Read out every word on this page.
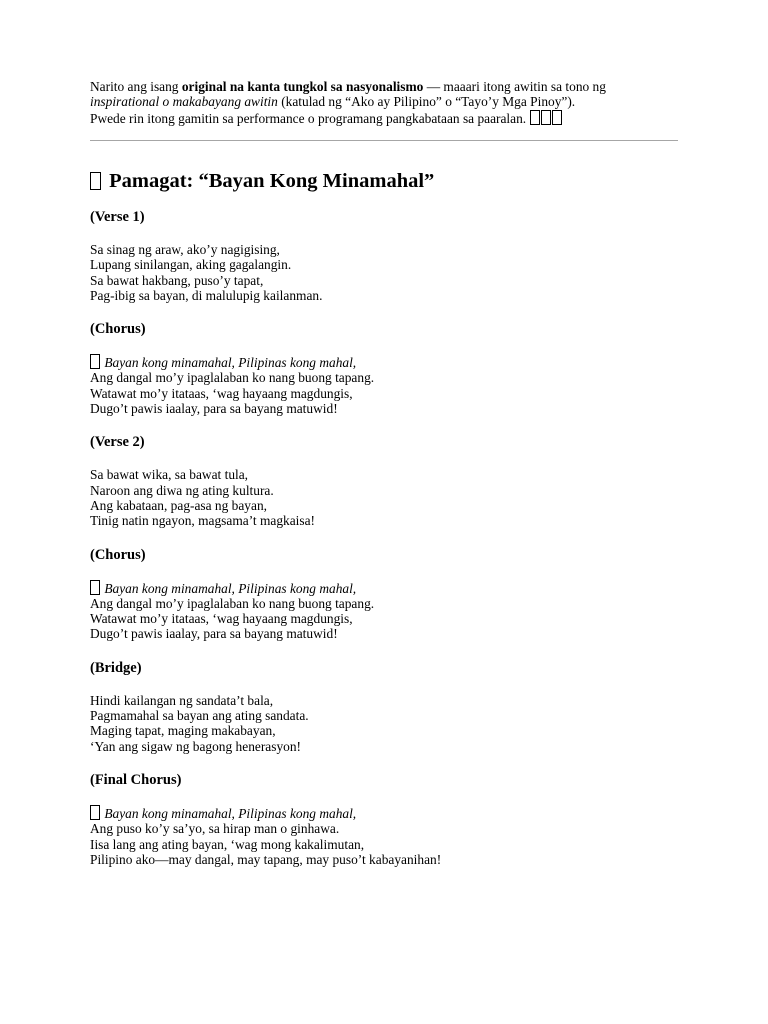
Narito ang isang original na kanta tungkol sa nasyonalismo — maaari itong awitin sa tono ng

inspirational o makabayang awitin (katulad ng “Ako ay Pilipino” o “Tayo’y Mga Pinoy”).

Pwede rin itong gamitin sa performance o programang pangkabataan sa paaralan.

Pamagat: “Bayan Kong Minamahal”
(Verse 1)
Sa sinag ng araw, ako’y nagigising,
Lupang sinilangan, aking gagalangin.
Sa bawat hakbang, puso’y tapat,
Pag-ibig sa bayan, di malulupig kailanman.
(Chorus)
Bayan kong minamahal, Pilipinas kong mahal,
Ang dangal mo’y ipaglalaban ko nang buong tapang.
Watawat mo’y itataas, ‘wag hayaang magdungis,
Dugo’t pawis iaalay, para sa bayang matuwid!
(Verse 2)
Sa bawat wika, sa bawat tula,
Naroon ang diwa ng ating kultura.
Ang kabataan, pag-asa ng bayan,
Tinig natin ngayon, magsama’t magkaisa!
(Chorus)
Bayan kong minamahal, Pilipinas kong mahal,
Ang dangal mo’y ipaglalaban ko nang buong tapang.
Watawat mo’y itataas, ‘wag hayaang magdungis,
Dugo’t pawis iaalay, para sa bayang matuwid!
(Bridge)
Hindi kailangan ng sandata’t bala,
Pagmamahal sa bayan ang ating sandata.
Maging tapat, maging makabayan,
‘Yan ang sigaw ng bagong henerasyon!
(Final Chorus)
Bayan kong minamahal, Pilipinas kong mahal,
Ang puso ko’y sa’yo, sa hirap man o ginhawa.
Iisa lang ang ating bayan, ‘wag mong kakalimutan,
Pilipino ako—may dangal, may tapang, may puso’t kabayanihan!
